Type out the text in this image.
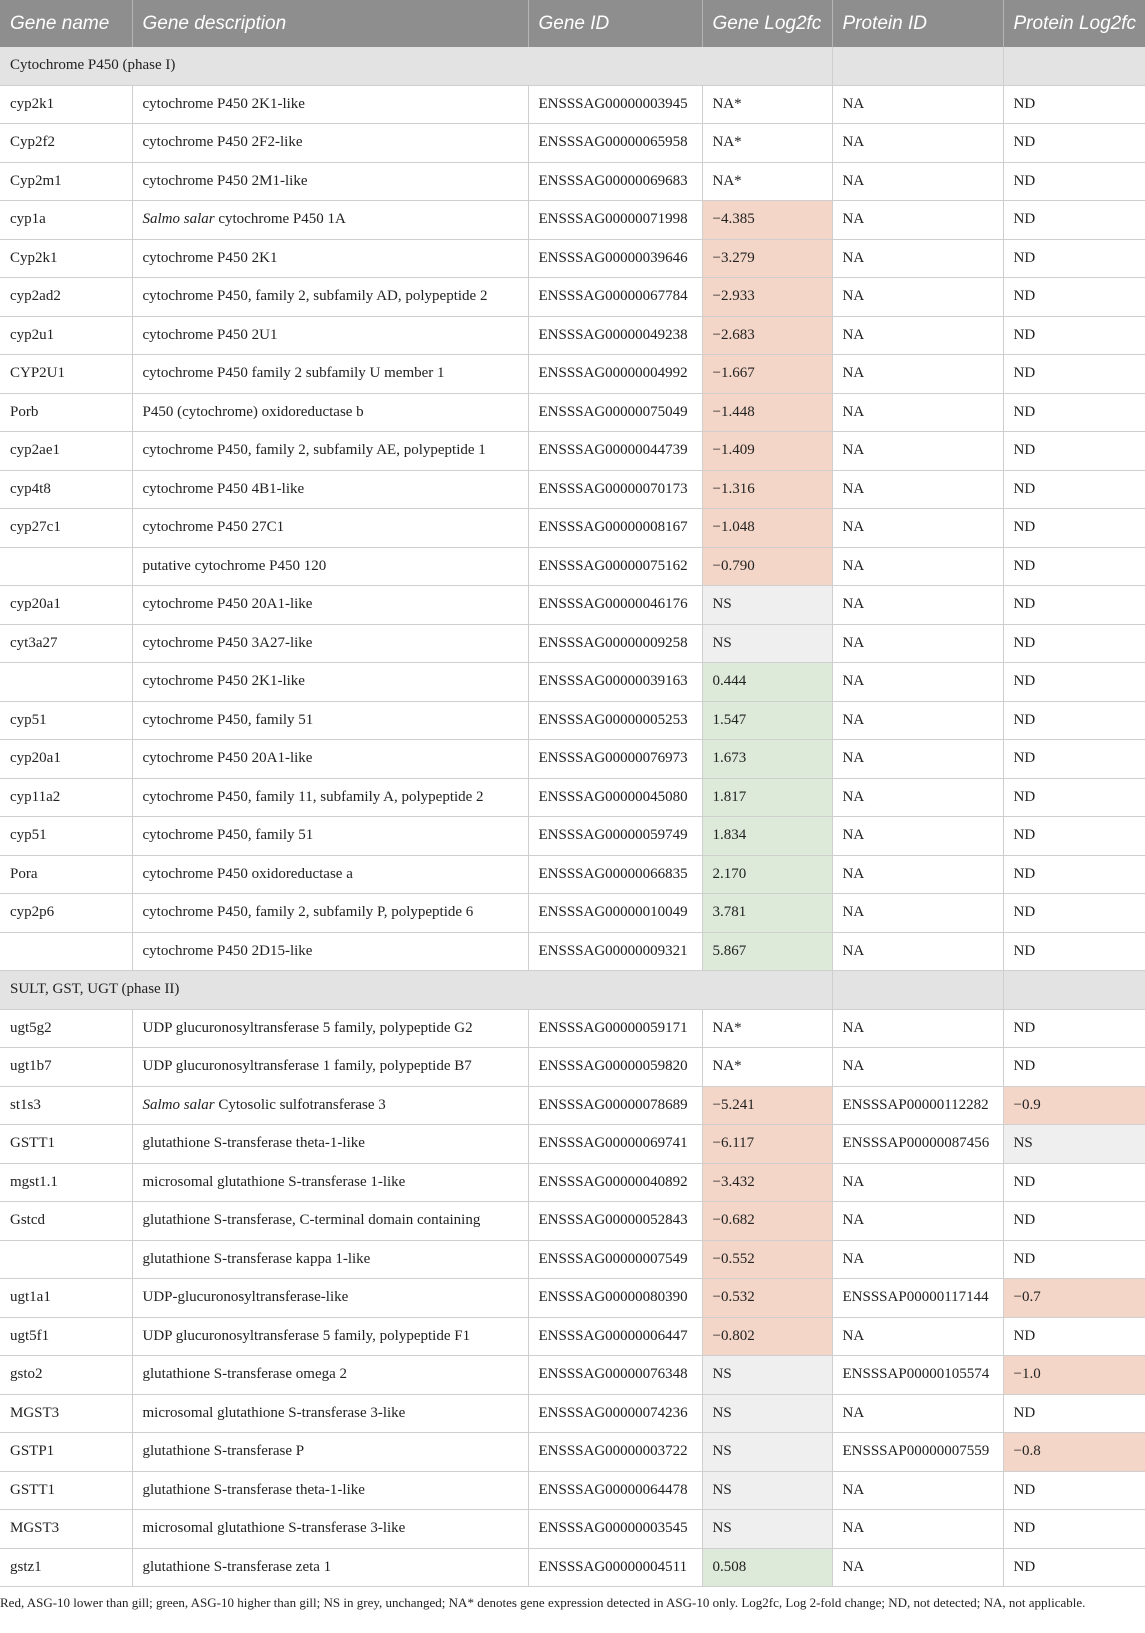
Gene name	Gene description	Gene ID	Gene Log2fc	Protein ID	Protein Log2fc
Cytochrome P450 (phase I)					
cyp2k1	cytochrome P450 2K1-like	ENSSSAG00000003945	NA*	NA	ND
Cyp2f2	cytochrome P450 2F2-like	ENSSSAG00000065958	NA*	NA	ND
Cyp2m1	cytochrome P450 2M1-like	ENSSSAG00000069683	NA*	NA	ND
cyp1a	Salmo salar cytochrome P450 1A	ENSSSAG00000071998	−4.385	NA	ND
Cyp2k1	cytochrome P450 2K1	ENSSSAG00000039646	−3.279	NA	ND
cyp2ad2	cytochrome P450, family 2, subfamily AD, polypeptide 2	ENSSSAG00000067784	−2.933	NA	ND
cyp2u1	cytochrome P450 2U1	ENSSSAG00000049238	−2.683	NA	ND
CYP2U1	cytochrome P450 family 2 subfamily U member 1	ENSSSAG00000004992	−1.667	NA	ND
Porb	P450 (cytochrome) oxidoreductase b	ENSSSAG00000075049	−1.448	NA	ND
cyp2ae1	cytochrome P450, family 2, subfamily AE, polypeptide 1	ENSSSAG00000044739	−1.409	NA	ND
cyp4t8	cytochrome P450 4B1-like	ENSSSAG00000070173	−1.316	NA	ND
cyp27c1	cytochrome P450 27C1	ENSSSAG00000008167	−1.048	NA	ND
	putative cytochrome P450 120	ENSSSAG00000075162	−0.790	NA	ND
cyp20a1	cytochrome P450 20A1-like	ENSSSAG00000046176	NS	NA	ND
cyt3a27	cytochrome P450 3A27-like	ENSSSAG00000009258	NS	NA	ND
	cytochrome P450 2K1-like	ENSSSAG00000039163	0.444	NA	ND
cyp51	cytochrome P450, family 51	ENSSSAG00000005253	1.547	NA	ND
cyp20a1	cytochrome P450 20A1-like	ENSSSAG00000076973	1.673	NA	ND
cyp11a2	cytochrome P450, family 11, subfamily A, polypeptide 2	ENSSSAG00000045080	1.817	NA	ND
cyp51	cytochrome P450, family 51	ENSSSAG00000059749	1.834	NA	ND
Pora	cytochrome P450 oxidoreductase a	ENSSSAG00000066835	2.170	NA	ND
cyp2p6	cytochrome P450, family 2, subfamily P, polypeptide 6	ENSSSAG00000010049	3.781	NA	ND
	cytochrome P450 2D15-like	ENSSSAG00000009321	5.867	NA	ND
SULT, GST, UGT (phase II)					
ugt5g2	UDP glucuronosyltransferase 5 family, polypeptide G2	ENSSSAG00000059171	NA*	NA	ND
ugt1b7	UDP glucuronosyltransferase 1 family, polypeptide B7	ENSSSAG00000059820	NA*	NA	ND
st1s3	Salmo salar Cytosolic sulfotransferase 3	ENSSSAG00000078689	−5.241	ENSSSAP00000112282	−0.9
GSTT1	glutathione S-transferase theta-1-like	ENSSSAG00000069741	−6.117	ENSSSAP00000087456	NS
mgst1.1	microsomal glutathione S-transferase 1-like	ENSSSAG00000040892	−3.432	NA	ND
Gstcd	glutathione S-transferase, C-terminal domain containing	ENSSSAG00000052843	−0.682	NA	ND
	glutathione S-transferase kappa 1-like	ENSSSAG00000007549	−0.552	NA	ND
ugt1a1	UDP-glucuronosyltransferase-like	ENSSSAG00000080390	−0.532	ENSSSAP00000117144	−0.7
ugt5f1	UDP glucuronosyltransferase 5 family, polypeptide F1	ENSSSAG00000006447	−0.802	NA	ND
gsto2	glutathione S-transferase omega 2	ENSSSAG00000076348	NS	ENSSSAP00000105574	−1.0
MGST3	microsomal glutathione S-transferase 3-like	ENSSSAG00000074236	NS	NA	ND
GSTP1	glutathione S-transferase P	ENSSSAG00000003722	NS	ENSSSAP00000007559	−0.8
GSTT1	glutathione S-transferase theta-1-like	ENSSSAG00000064478	NS	NA	ND
MGST3	microsomal glutathione S-transferase 3-like	ENSSSAG00000003545	NS	NA	ND
gstz1	glutathione S-transferase zeta 1	ENSSSAG00000004511	0.508	NA	ND

Red, ASG-10 lower than gill; green, ASG-10 higher than gill; NS in grey, unchanged; NA* denotes gene expression detected in ASG-10 only. Log2fc, Log 2-fold change; ND, not detected; NA, not applicable.
